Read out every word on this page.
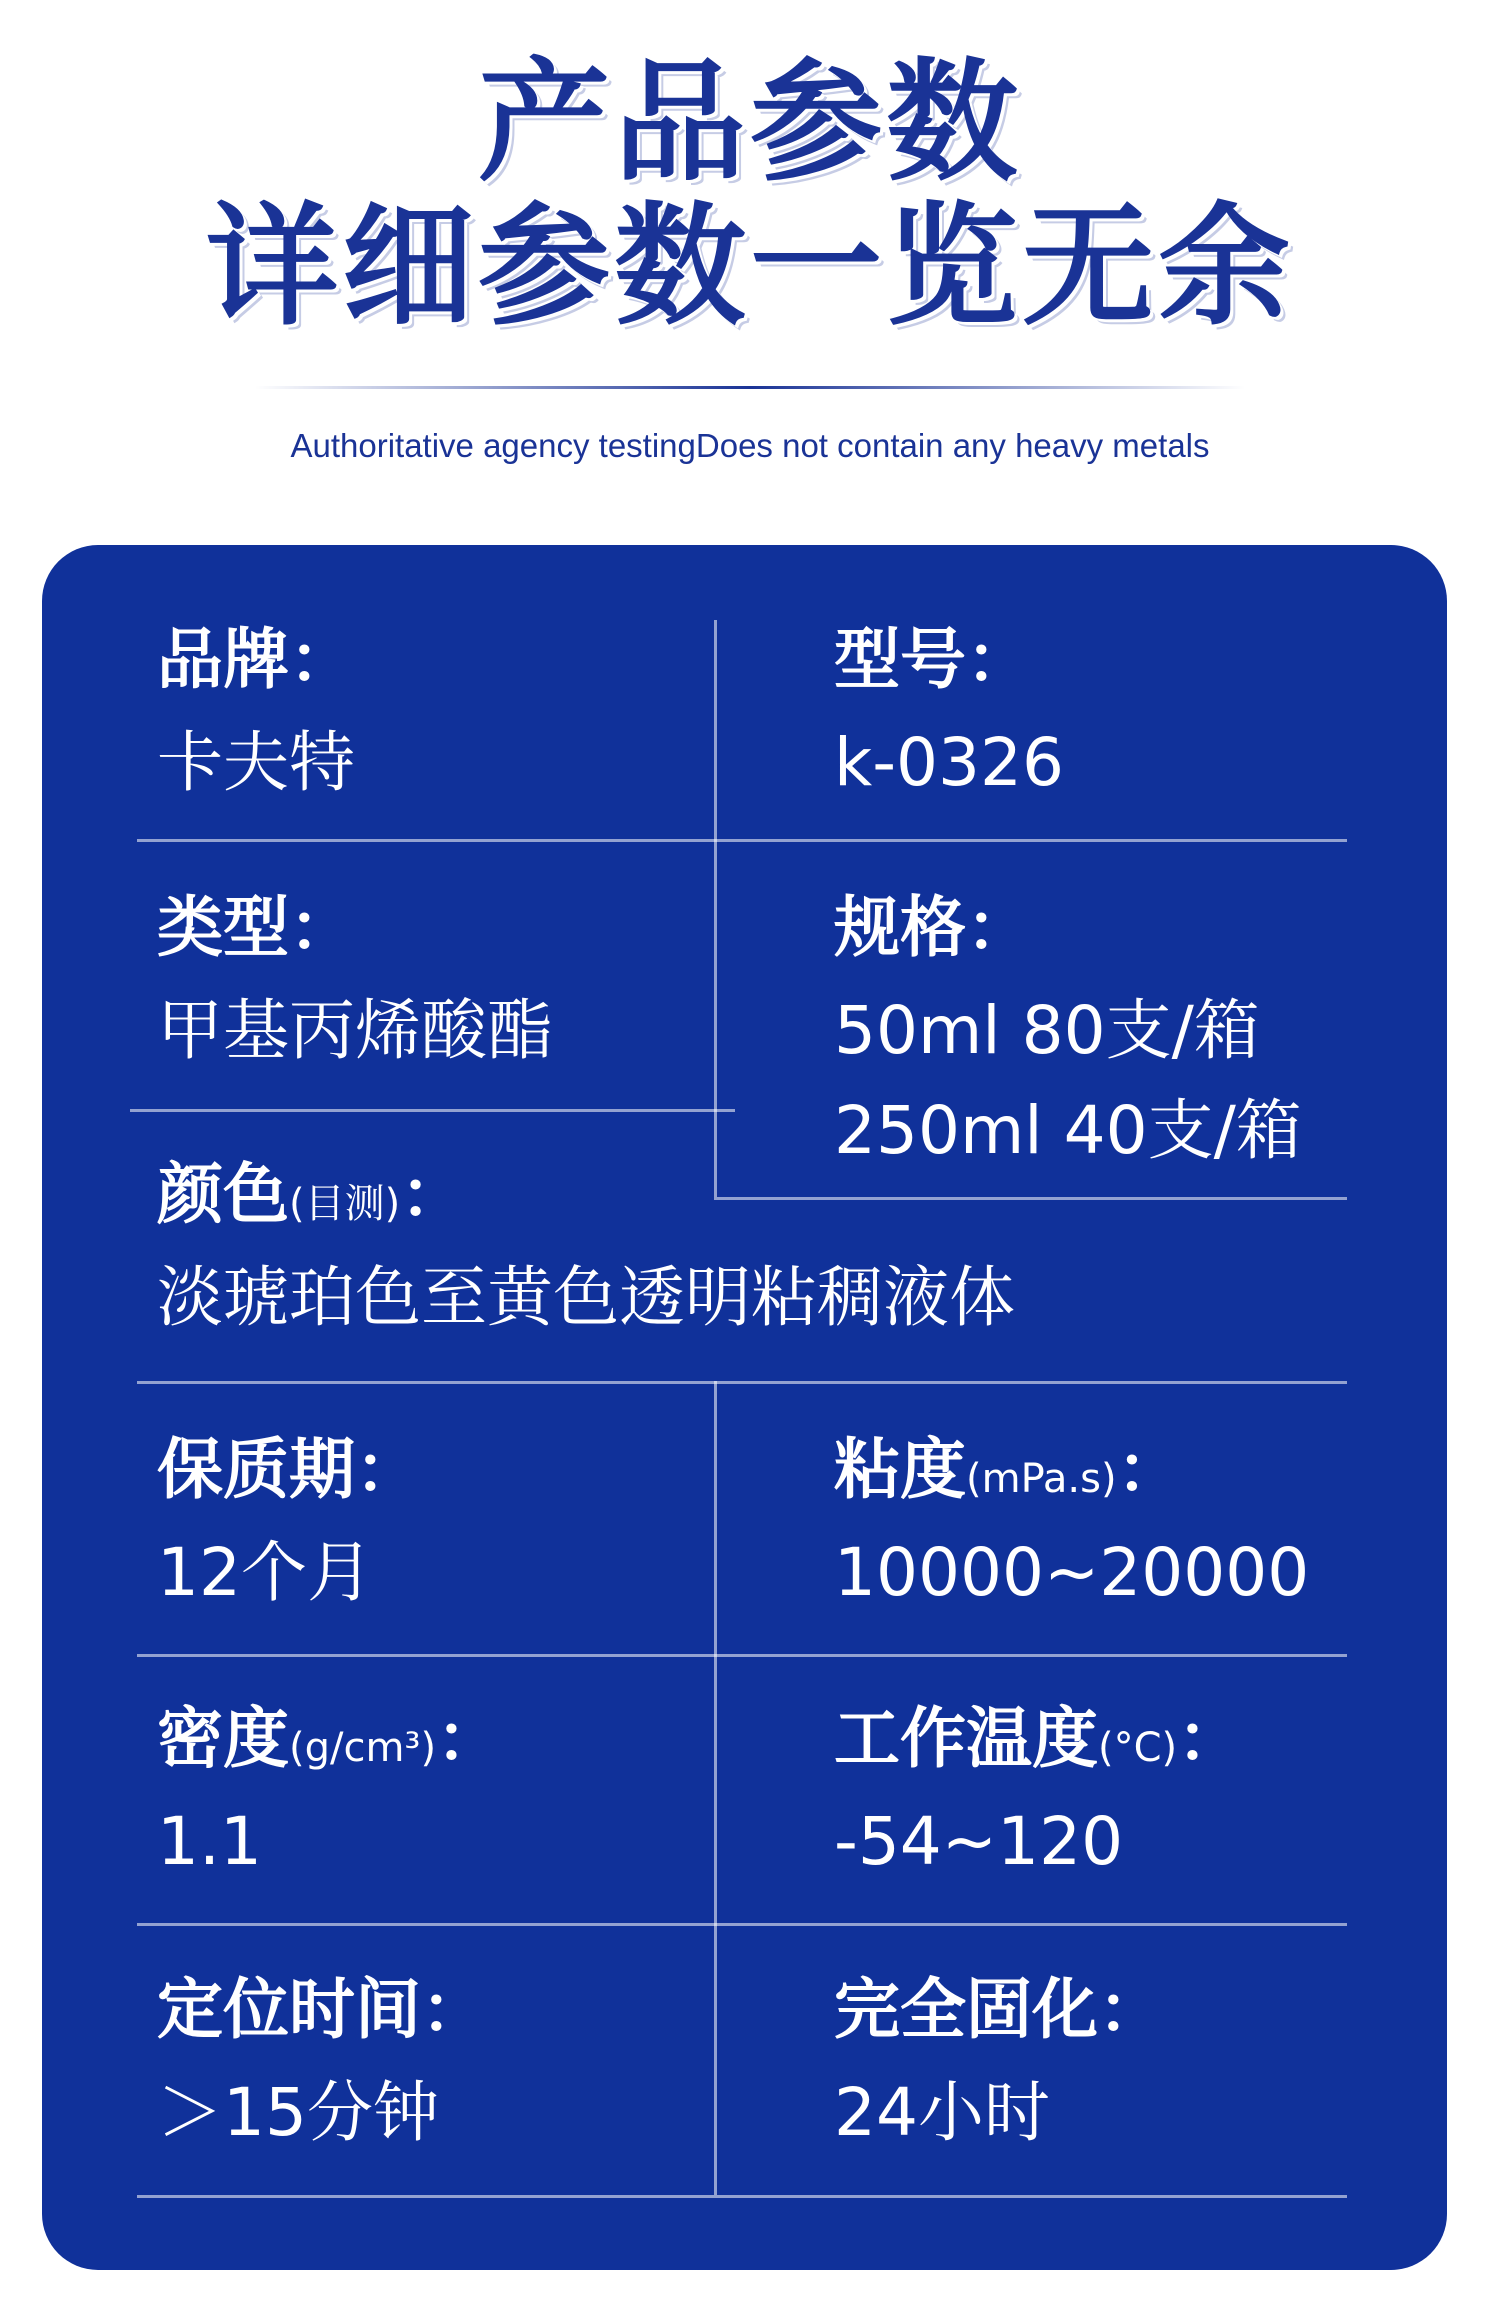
产品参数
详细参数一览无余
Authoritative agency testingDoes not contain any heavy metals
品牌：
卡夫特
型号：
k-0326
类型：
甲基丙烯酸酯
规格：
50ml 80支/箱
250ml 40支/箱
颜色(目测)：
淡琥珀色至黄色透明粘稠液体
保质期：
12个月
粘度(mPa.s)：
10000~20000
密度(g/cm³)：
1.1
工作温度(°C)：
-54~120
定位时间：
＞15分钟
完全固化：
24小时
